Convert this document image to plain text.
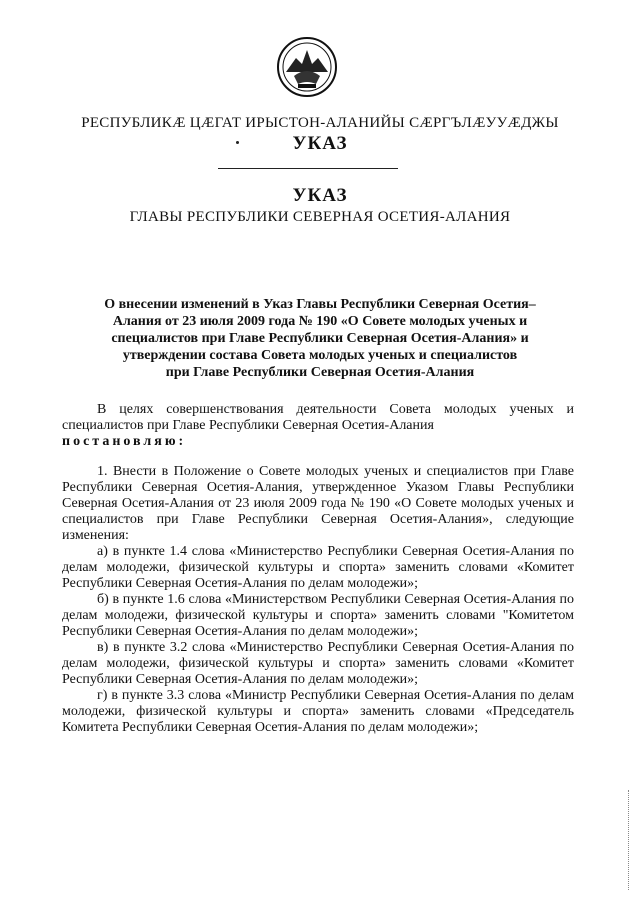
РЕСПУБЛИКӔ ЦӔГАТ ИРЫСТОН-АЛАНИЙЫ СӔРГЪЛӔУУӔДЖЫ
УКАЗ
УКАЗ
ГЛАВЫ РЕСПУБЛИКИ СЕВЕРНАЯ ОСЕТИЯ-АЛАНИЯ
О внесении изменений в Указ Главы Республики Северная Осетия–
Алания от 23 июля 2009 года № 190 «О Совете молодых ученых и
специалистов при Главе Республики Северная Осетия-Алания» и
утверждении состава Совета молодых ученых и специалистов
при Главе Республики Северная Осетия-Алания

В целях совершенствования деятельности Совета молодых ученых и специалистов при Главе Республики Северная Осетия-Алания

постановляю:

1. Внести в Положение о Совете молодых ученых и специалистов при Главе Республики Северная Осетия-Алания, утвержденное Указом Главы Республики Северная Осетия-Алания от 23 июля 2009 года № 190 «О Совете молодых ученых и специалистов при Главе Республики Северная Осетия-Алания», следующие изменения:

а) в пункте 1.4 слова «Министерство Республики Северная Осетия-Алания по делам молодежи, физической культуры и спорта» заменить словами «Комитет Республики Северная Осетия-Алания по делам молодежи»;

б) в пункте 1.6 слова «Министерством Республики Северная Осетия-Алания по делам молодежи, физической культуры и спорта» заменить словами "Комитетом Республики Северная Осетия-Алания по делам молодежи»;

в) в пункте 3.2 слова «Министерство Республики Северная Осетия-Алания по делам молодежи, физической культуры и спорта» заменить словами «Комитет Республики Северная Осетия-Алания по делам молодежи»;

г) в пункте 3.3 слова «Министр Республики Северная Осетия-Алания по делам молодежи, физической культуры и спорта» заменить словами «Председатель Комитета Республики Северная Осетия-Алания по делам молодежи»;
